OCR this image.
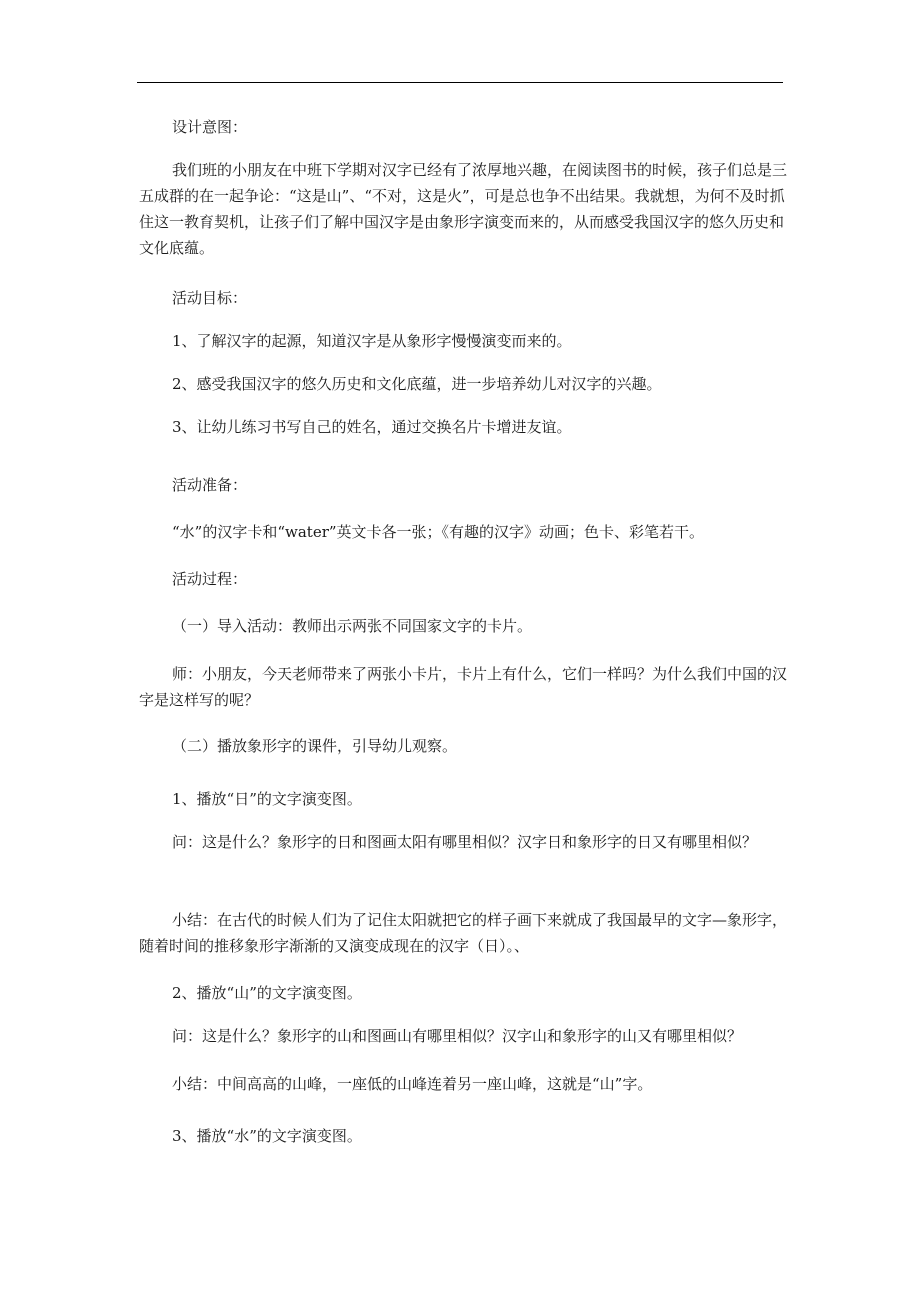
设计意图：

我们班的小朋友在中班下学期对汉字已经有了浓厚地兴趣，在阅读图书的时候，孩子们总是三五成群的在一起争论：“这是山”、“不对，这是火”，可是总也争不出结果。我就想，为何不及时抓住这一教育契机，让孩子们了解中国汉字是由象形字演变而来的，从而感受我国汉字的悠久历史和文化底蕴。

活动目标：

1、了解汉字的起源，知道汉字是从象形字慢慢演变而来的。

2、感受我国汉字的悠久历史和文化底蕴，进一步培养幼儿对汉字的兴趣。

3、让幼儿练习书写自己的姓名，通过交换名片卡增进友谊。

活动准备：

“水”的汉字卡和“water”英文卡各一张；《有趣的汉字》动画；色卡、彩笔若干。

活动过程：

（一）导入活动：教师出示两张不同国家文字的卡片。

师：小朋友，今天老师带来了两张小卡片，卡片上有什么，它们一样吗？为什么我们中国的汉字是这样写的呢？

（二）播放象形字的课件，引导幼儿观察。

1、播放“日”的文字演变图。

问：这是什么？象形字的日和图画太阳有哪里相似？汉字日和象形字的日又有哪里相似？

小结：在古代的时候人们为了记住太阳就把它的样子画下来就成了我国最早的文字—象形字，随着时间的推移象形字渐渐的又演变成现在的汉字（日）。、

2、播放“山”的文字演变图。

问：这是什么？象形字的山和图画山有哪里相似？汉字山和象形字的山又有哪里相似？

小结：中间高高的山峰，一座低的山峰连着另一座山峰，这就是“山”字。

3、播放“水”的文字演变图。
